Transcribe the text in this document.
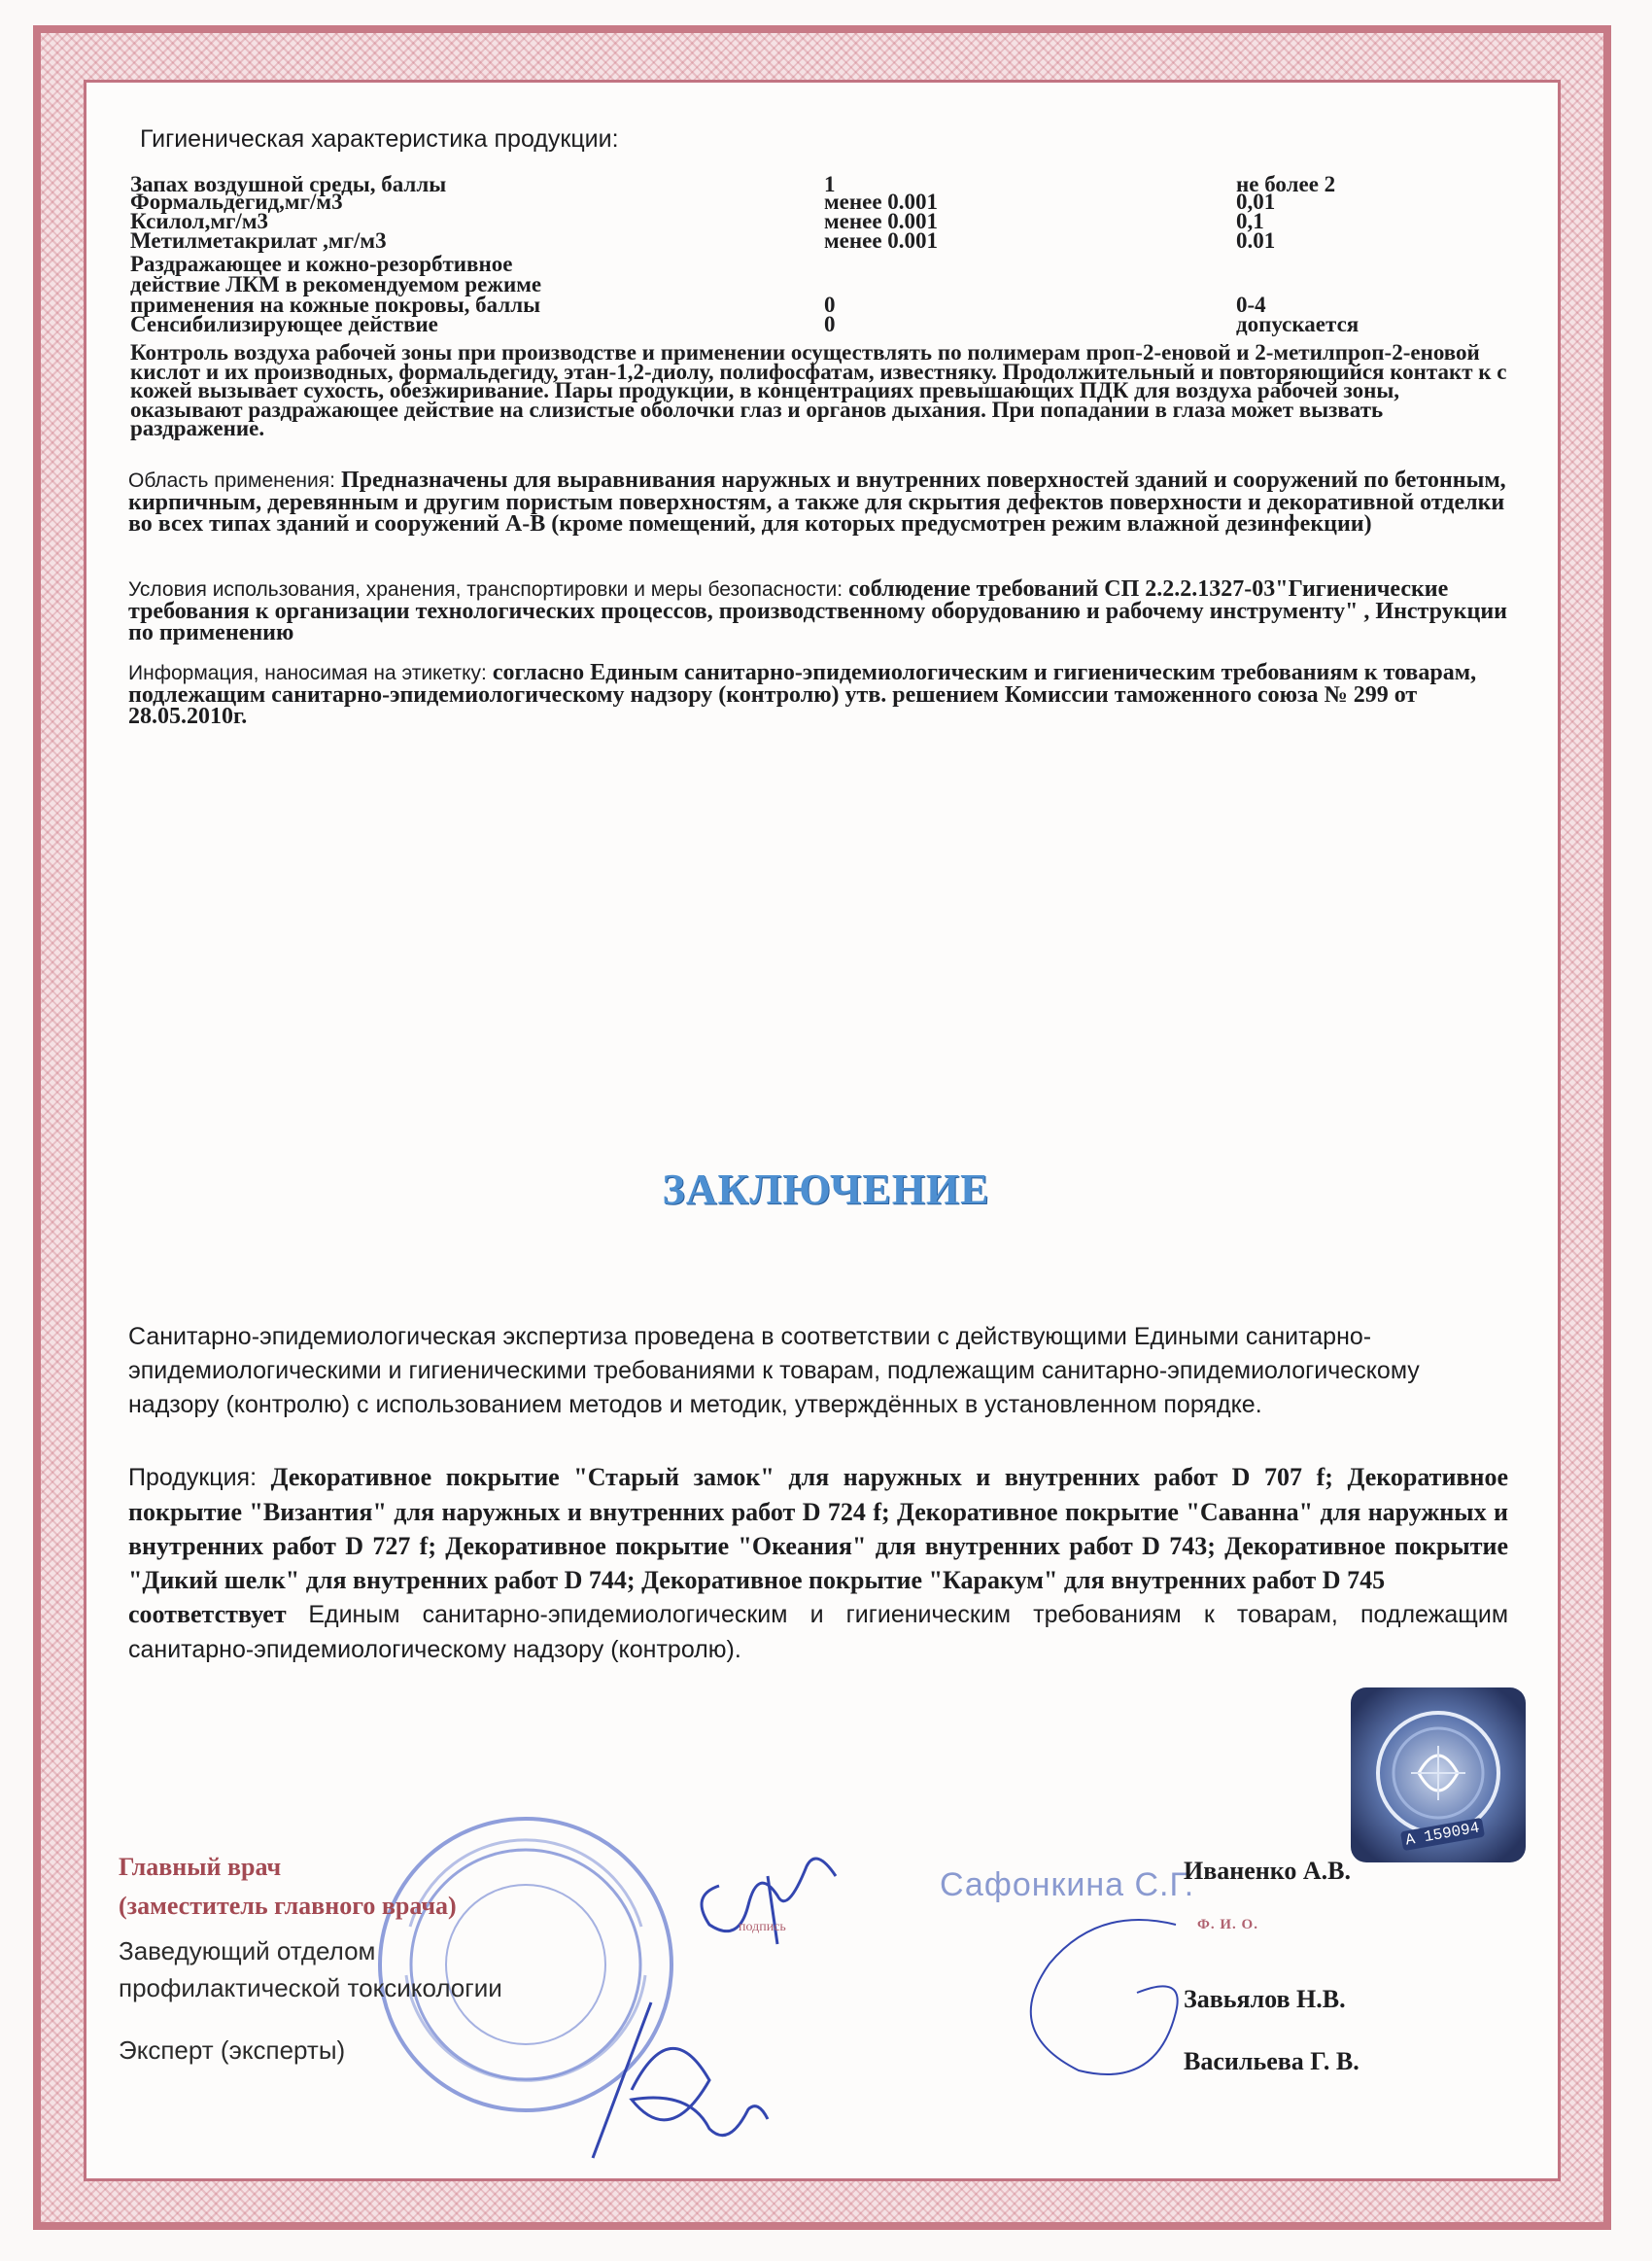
Гигиеническая характеристика продукции:
Запах воздушной среды, баллы	1	не более 2
Формальдегид,мг/м3	менее 0.001	0,01
Ксилол,мг/м3	менее 0.001	0,1
Метилметакрилат ,мг/м3	менее 0.001	0.01
Раздражающее и кожно-резорбтивное
действие ЛКМ в рекомендуемом режиме
применения на кожные покровы, баллы	0	0-4
Сенсибилизирующее действие	0	допускается
Контроль воздуха рабочей зоны при производстве и применении осуществлять по полимерам проп-2-еновой и 2-метилпроп-2-еновой кислот и их производных, формальдегиду, этан-1,2-диолу, полифосфатам, известняку. Продолжительный и повторяющийся контакт к с кожей вызывает сухость, обезжиривание. Пары продукции, в концентрациях превышающих ПДК для воздуха рабочей зоны, оказывают раздражающее действие на слизистые оболочки глаз и органов дыхания. При попадании в глаза может вызвать раздражение.
Область применения: Предназначены для выравнивания наружных и внутренних поверхностей зданий и сооружений по бетонным, кирпичным, деревянным и другим пористым поверхностям, а также для скрытия дефектов поверхности и декоративной отделки во всех типах зданий и сооружений А-В (кроме помещений, для которых предусмотрен режим влажной дезинфекции)
Условия использования, хранения, транспортировки и меры безопасности: соблюдение требований СП 2.2.2.1327-03"Гигиенические требования к организации технологических процессов, производственному оборудованию и рабочему инструменту" , Инструкции по применению
Информация, наносимая на этикетку: согласно Единым санитарно-эпидемиологическим и гигиеническим требованиям к товарам, подлежащим санитарно-эпидемиологическому надзору (контролю) утв. решением Комиссии таможенного союза № 299 от 28.05.2010г.
ЗАКЛЮЧЕНИЕ
Санитарно-эпидемиологическая экспертиза проведена в соответствии с действующими Едиными санитарно-эпидемиологическими и гигиеническими требованиями к товарам, подлежащим санитарно-эпидемиологическому надзору (контролю) с использованием методов и методик, утверждённых в установленном порядке.
Продукция: Декоративное покрытие "Старый замок" для наружных и внутренних работ D 707 f; Декоративное покрытие "Византия" для наружных и внутренних работ D 724 f; Декоративное покрытие "Саванна" для наружных и внутренних работ D 727 f; Декоративное покрытие "Океания" для внутренних работ D 743; Декоративное покрытие "Дикий шелк" для внутренних работ D 744; Декоративное покрытие "Каракум" для внутренних работ D 745
соответствует Единым санитарно-эпидемиологическим и гигиеническим требованиям к товарам, подлежащим санитарно-эпидемиологическому надзору (контролю).
А 159094
Сафонкина С.Г.
подпись	Ф. И. О.
Главный врач
(заместитель главного врача)
Заведующий отделом
профилактической токсикологии
Эксперт (эксперты)
Иваненко А.В.
Завьялов Н.В.
Васильева Г. В.
